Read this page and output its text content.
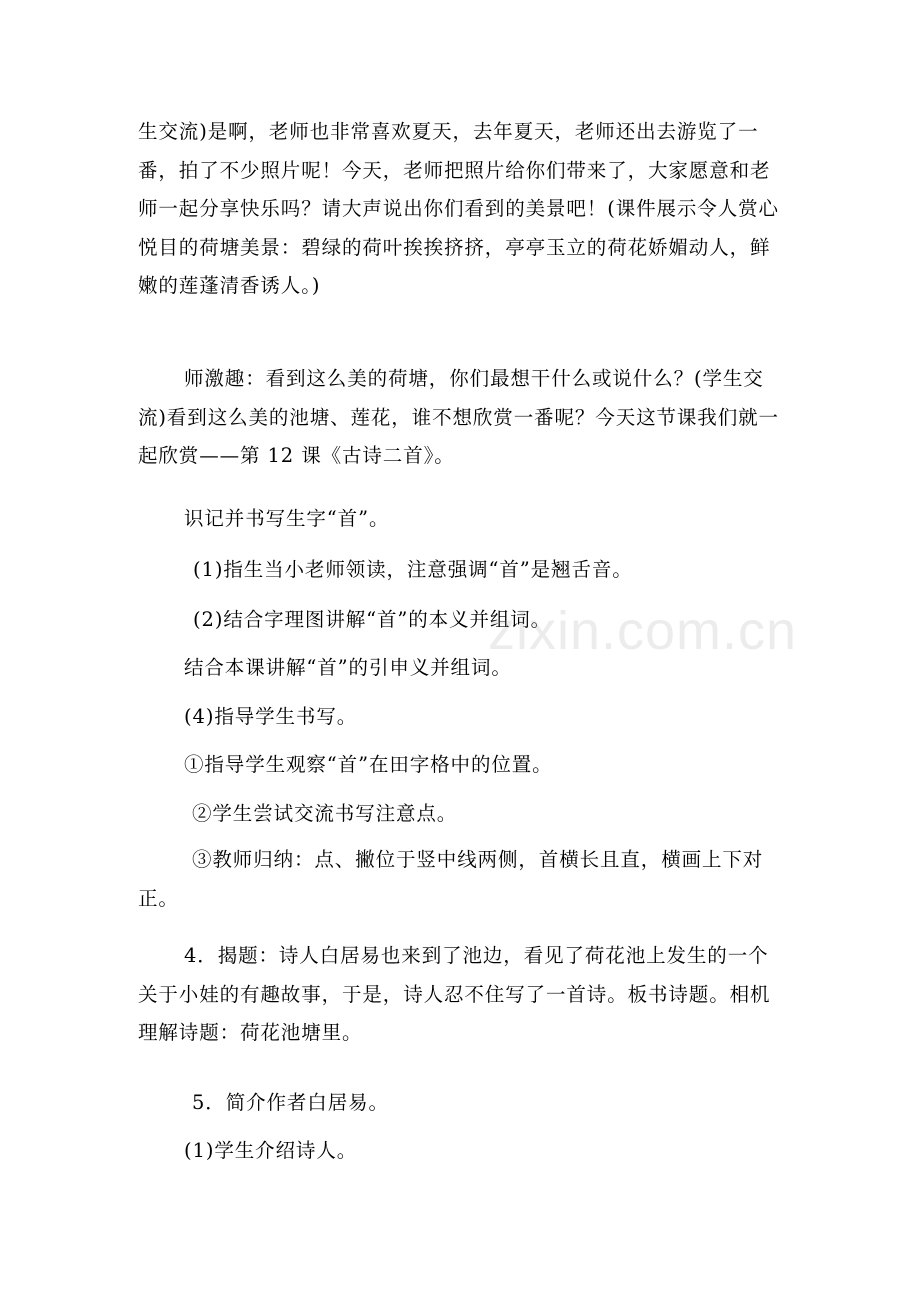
生交流)是啊，老师也非常喜欢夏天，去年夏天，老师还出去游览了一番，拍了不少照片呢！今天，老师把照片给你们带来了，大家愿意和老师一起分享快乐吗？请大声说出你们看到的美景吧！(课件展示令人赏心悦目的荷塘美景：碧绿的荷叶挨挨挤挤，亭亭玉立的荷花娇媚动人，鲜嫩的莲蓬清香诱人。)

师激趣：看到这么美的荷塘，你们最想干什么或说什么？(学生交流)看到这么美的池塘、莲花，谁不想欣赏一番呢？今天这节课我们就一起欣赏——第 12 课《古诗二首》。

识记并书写生字“首”。

(1)指生当小老师领读，注意强调“首”是翘舌音。

(2)结合字理图讲解“首”的本义并组词。

结合本课讲解“首”的引申义并组词。

(4)指导学生书写。

①指导学生观察“首”在田字格中的位置。

②学生尝试交流书写注意点。

③教师归纳：点、撇位于竖中线两侧，首横长且直，横画上下对正。

4．揭题：诗人白居易也来到了池边，看见了荷花池上发生的一个关于小娃的有趣故事，于是，诗人忍不住写了一首诗。板书诗题。相机理解诗题：荷花池塘里。

5．简介作者白居易。

(1)学生介绍诗人。

zixin.com.cn
